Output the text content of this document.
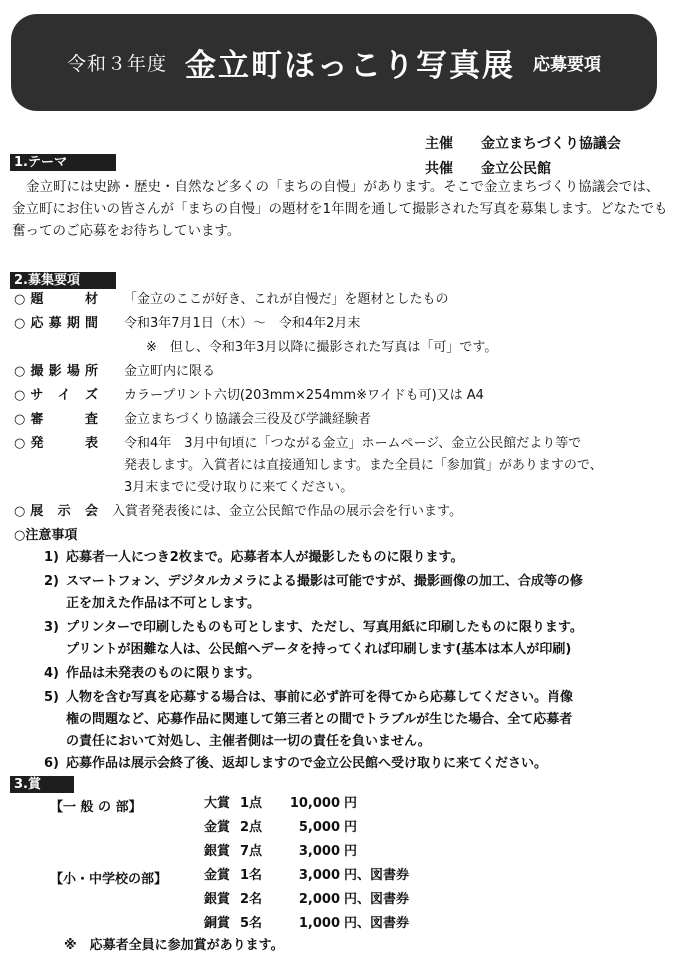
令和３年度 金立町ほっこり写真展 応募要項
主催 金立まちづくり協議会
共催 金立公民館
1.テーマ

金立町には史跡・歴史・自然など多くの「まちの自慢」があります。そこで金立まちづくり協議会では、金立町にお住いの皆さんが「まちの自慢」の題材を1年間を通して撮影された写真を募集します。どなたでも奮ってのご応募をお待ちしています。

2.募集要項
○題　　材 「金立のここが好き、これが自慢だ」を題材としたもの
○応募期間 令和3年7月1日（木）～　令和4年2月末
※　但し、令和3年3月以降に撮影された写真は「可」です。
○撮影場所 金立町内に限る
○サ イ ズ カラープリント六切(203mm×254mm※ワイドも可)又は A4
○審　　査 金立まちづくり協議会三役及び学識経験者
○発　　表 令和4年　3月中旬頃に「つながる金立」ホームページ、金立公民館だより等で
発表します。入賞者には直接通知します。また全員に「参加賞」がありますので、
3月末までに受け取りに来てください。
○展 示 会 入賞者発表後には、金立公民館で作品の展示会を行います。
○注意事項
1) 応募者一人につき2枚まで。応募者本人が撮影したものに限ります。
2) スマートフォン、デジタルカメラによる撮影は可能ですが、撮影画像の加工、合成等の修
正を加えた作品は不可とします。
3) プリンターで印刷したものも可とします、ただし、写真用紙に印刷したものに限ります。
プリントが困難な人は、公民館へデータを持ってくれば印刷します(基本は本人が印刷)
4) 作品は未発表のものに限ります。
5) 人物を含む写真を応募する場合は、事前に必ず許可を得てから応募してください。肖像
権の問題など、応募作品に関連して第三者との間でトラブルが生じた場合、全て応募者
の責任において対処し、主催者側は一切の責任を負いません。
6) 応募作品は展示会終了後、返却しますので金立公民館へ受け取りに来てください。
3.賞
【一 般 の 部】	大賞 1点 10,000 円
金賞 2点	5,000 円
銀賞 7点	3,000 円
【小・中学校の部】	金賞 1名	3,000 円、図書券
銀賞 2名	2,000 円、図書券
銅賞 5名	1,000 円、図書券
※　応募者全員に参加賞があります。
